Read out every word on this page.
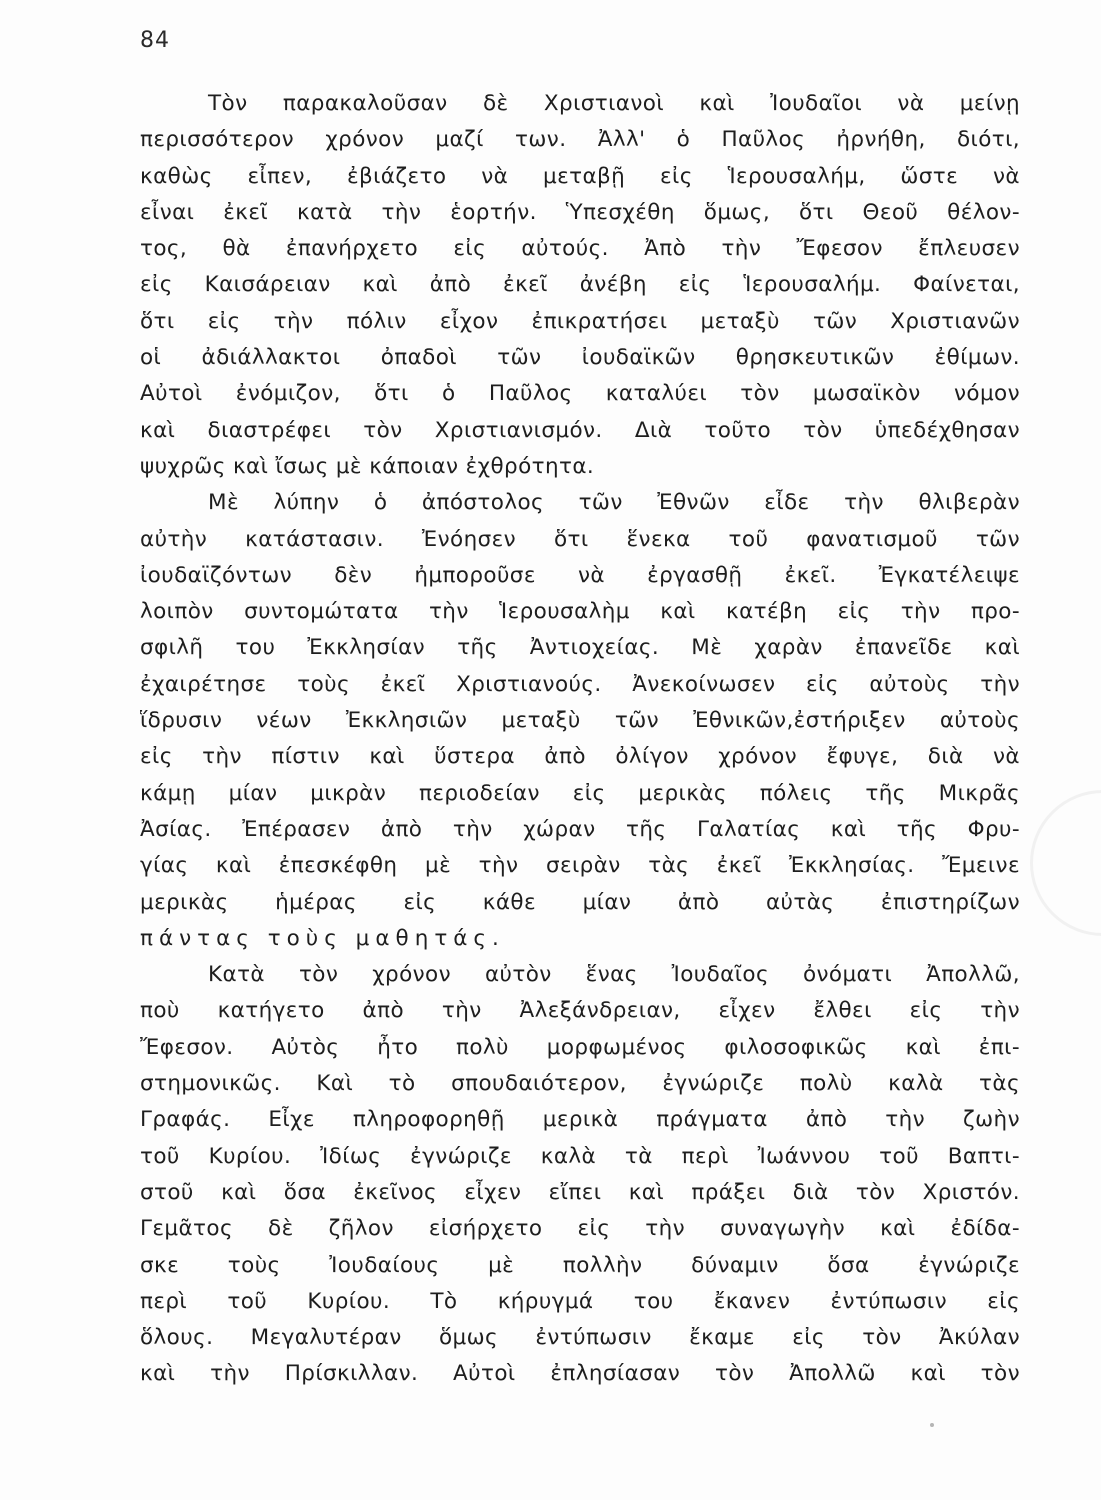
84
Τὸν παρακαλοῦσαν δὲ Χριστιανοὶ καὶ Ἰουδαῖοι νὰ μείνῃ
περισσότερον χρόνον μαζί των. Ἀλλ' ὁ Παῦλος ἠρνήθη, διότι,
καθὼς εἶπεν, ἐβιάζετο νὰ μεταβῇ εἰς Ἱερουσαλήμ, ὥστε νὰ
εἶναι ἐκεῖ κατὰ τὴν ἑορτήν. Ὑπεσχέθη ὅμως, ὅτι Θεοῦ θέλον-
τος, θὰ ἐπανήρχετο εἰς αὐτούς. Ἀπὸ τὴν Ἔφεσον ἔπλευσεν
εἰς Καισάρειαν καὶ ἀπὸ ἐκεῖ ἀνέβη εἰς Ἱερουσαλήμ. Φαίνεται,
ὅτι εἰς τὴν πόλιν εἶχον ἐπικρατήσει μεταξὺ τῶν Χριστιανῶν
οἱ ἀδιάλλακτοι ὀπαδοὶ τῶν ἰουδαϊκῶν θρησκευτικῶν ἐθίμων.
Αὐτοὶ ἐνόμιζον, ὅτι ὁ Παῦλος καταλύει τὸν μωσαϊκὸν νόμον
καὶ διαστρέφει τὸν Χριστιανισμόν. Διὰ τοῦτο τὸν ὑπεδέχθησαν
ψυχρῶς καὶ ἴσως μὲ κάποιαν ἐχθρότητα.
Μὲ λύπην ὁ ἀπόστολος τῶν Ἐθνῶν εἶδε τὴν θλιβερὰν
αὐτὴν κατάστασιν. Ἐνόησεν ὅτι ἕνεκα τοῦ φανατισμοῦ τῶν
ἰουδαϊζόντων δὲν ἠμποροῦσε νὰ ἐργασθῇ ἐκεῖ. Ἐγκατέλειψε
λοιπὸν συντομώτατα τὴν Ἱερουσαλὴμ καὶ κατέβη εἰς τὴν προ-
σφιλῆ του Ἐκκλησίαν τῆς Ἀντιοχείας. Μὲ χαρὰν ἐπανεῖδε καὶ
ἐχαιρέτησε τοὺς ἐκεῖ Χριστιανούς. Ἀνεκοίνωσεν εἰς αὐτοὺς τὴν
ἵδρυσιν νέων Ἐκκλησιῶν μεταξὺ τῶν Ἐθνικῶν,ἐστήριξεν αὐτοὺς
εἰς τὴν πίστιν καὶ ὕστερα ἀπὸ ὀλίγον χρόνον ἔφυγε, διὰ νὰ
κάμῃ μίαν μικρὰν περιοδείαν εἰς μερικὰς πόλεις τῆς Μικρᾶς
Ἀσίας. Ἐπέρασεν ἀπὸ τὴν χώραν τῆς Γαλατίας καὶ τῆς Φρυ-
γίας καὶ ἐπεσκέφθη μὲ τὴν σειρὰν τὰς ἐκεῖ Ἐκκλησίας. Ἔμεινε
μερικὰς ἡμέρας εἰς κάθε μίαν ἀπὸ αὐτὰς ἐπιστηρίζων
πάντας τοὺς μαθητάς.
Κατὰ τὸν χρόνον αὐτὸν ἕνας Ἰουδαῖος ὀνόματι Ἀπολλῶ,
ποὺ κατήγετο ἀπὸ τὴν Ἀλεξάνδρειαν, εἶχεν ἔλθει εἰς τὴν
Ἔφεσον. Αὐτὸς ἦτο πολὺ μορφωμένος φιλοσοφικῶς καὶ ἐπι-
στημονικῶς. Καὶ τὸ σπουδαιότερον, ἐγνώριζε πολὺ καλὰ τὰς
Γραφάς. Εἶχε πληροφορηθῇ μερικὰ πράγματα ἀπὸ τὴν ζωὴν
τοῦ Κυρίου. Ἰδίως ἐγνώριζε καλὰ τὰ περὶ Ἰωάννου τοῦ Βαπτι-
στοῦ καὶ ὅσα ἐκεῖνος εἶχεν εἴπει καὶ πράξει διὰ τὸν Χριστόν.
Γεμᾶτος δὲ ζῆλον εἰσήρχετο εἰς τὴν συναγωγὴν καὶ ἐδίδα-
σκε τοὺς Ἰουδαίους μὲ πολλὴν δύναμιν ὅσα ἐγνώριζε
περὶ τοῦ Κυρίου. Τὸ κήρυγμά του ἔκανεν ἐντύπωσιν εἰς
ὅλους. Μεγαλυτέραν ὅμως ἐντύπωσιν ἔκαμε εἰς τὸν Ἀκύλαν
καὶ τὴν Πρίσκιλλαν. Αὐτοὶ ἐπλησίασαν τὸν Ἀπολλῶ καὶ τὸν
